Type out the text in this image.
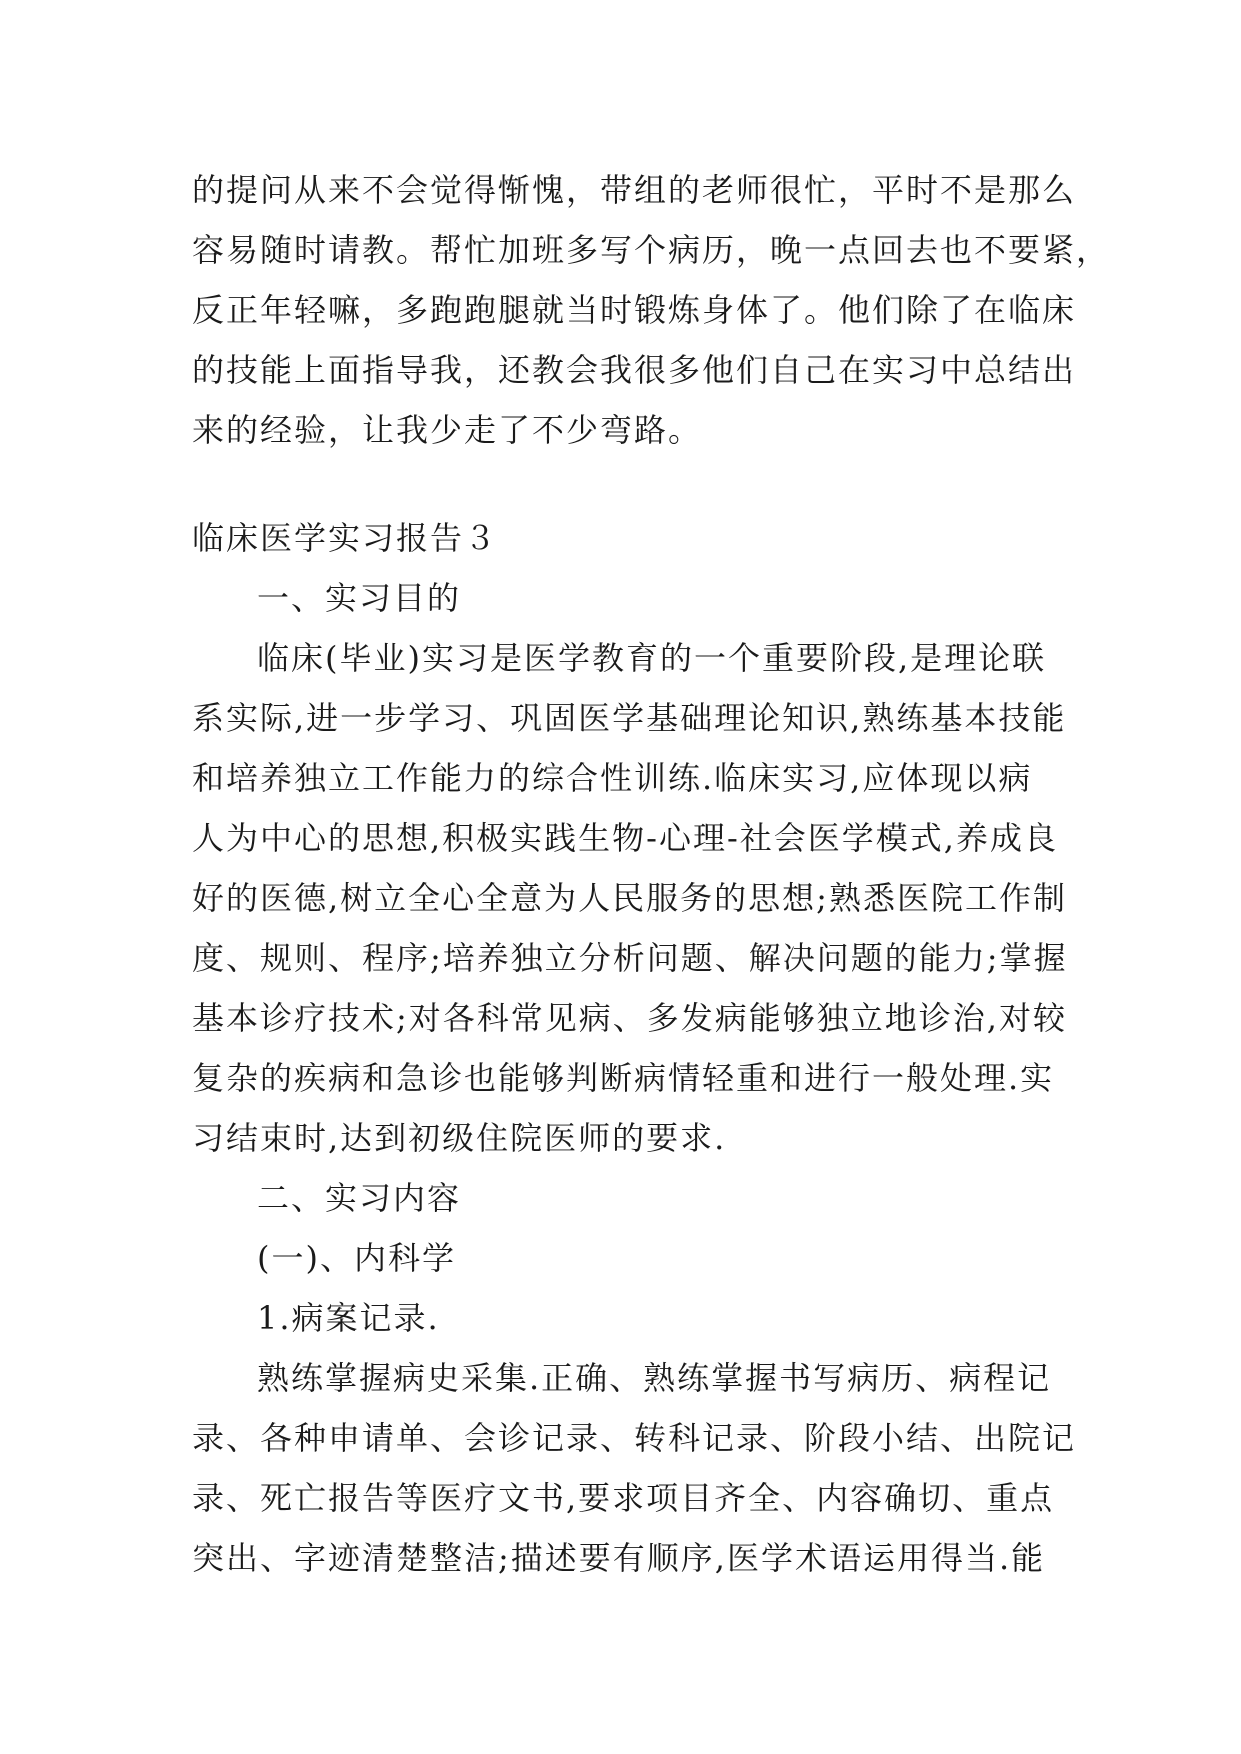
的提问从来不会觉得惭愧，带组的老师很忙，平时不是那么
容易随时请教。帮忙加班多写个病历，晚一点回去也不要紧，
反正年轻嘛，多跑跑腿就当时锻炼身体了。他们除了在临床
的技能上面指导我，还教会我很多他们自己在实习中总结出
来的经验，让我少走了不少弯路。
临床医学实习报告３
一、实习目的
临床(毕业)实习是医学教育的一个重要阶段,是理论联
系实际,进一步学习、巩固医学基础理论知识,熟练基本技能
和培养独立工作能力的综合性训练.临床实习,应体现以病
人为中心的思想,积极实践生物-心理-社会医学模式,养成良
好的医德,树立全心全意为人民服务的思想;熟悉医院工作制
度、规则、程序;培养独立分析问题、解决问题的能力;掌握
基本诊疗技术;对各科常见病、多发病能够独立地诊治,对较
复杂的疾病和急诊也能够判断病情轻重和进行一般处理.实
习结束时,达到初级住院医师的要求.
二、实习内容
(一)、内科学
1.病案记录.
熟练掌握病史采集.正确、熟练掌握书写病历、病程记
录、各种申请单、会诊记录、转科记录、阶段小结、出院记
录、死亡报告等医疗文书,要求项目齐全、内容确切、重点
突出、字迹清楚整洁;描述要有顺序,医学术语运用得当.能
